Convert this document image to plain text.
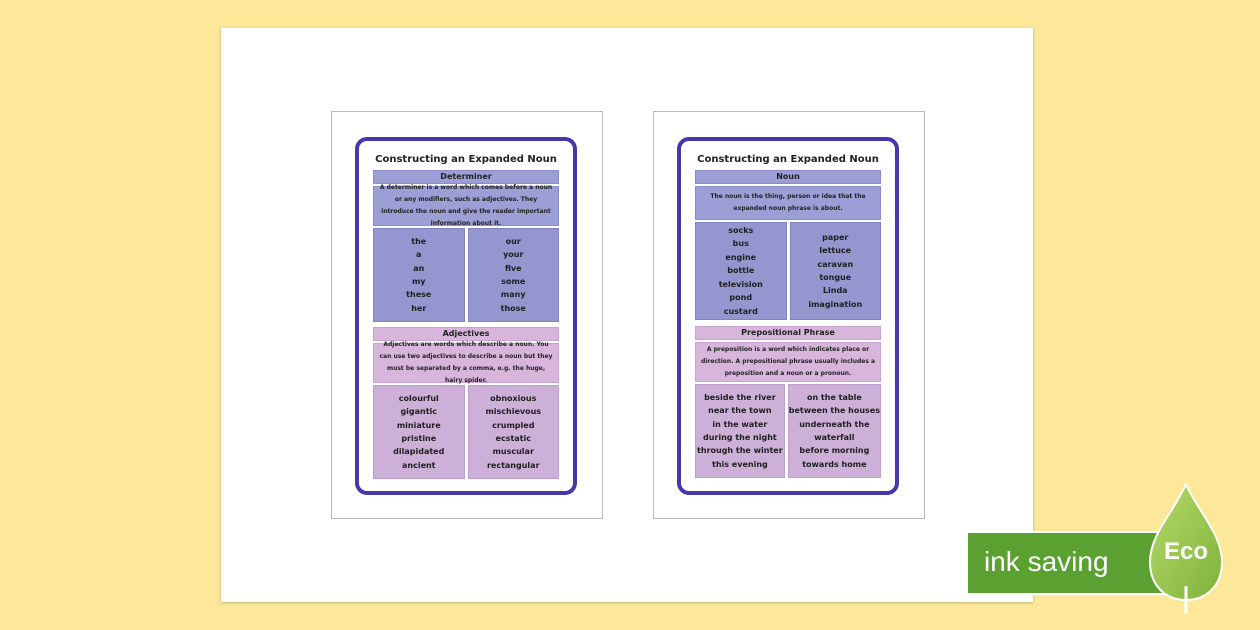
Constructing an Expanded Noun
Determiner
A determiner is a word which comes before a noun or any modifiers, such as adjectives. They introduce the noun and give the reader important information about it.
the
a
an
my
these
her
our
your
five
some
many
those
Adjectives
Adjectives are words which describe a noun. You can use two adjectives to describe a noun but they must be separated by a comma, e.g. the huge, hairy spider.
colourful
gigantic
miniature
pristine
dilapidated
ancient
obnoxious
mischievous
crumpled
ecstatic
muscular
rectangular
Constructing an Expanded Noun
Noun
The noun is the thing, person or idea that the expanded noun phrase is about.
socks
bus
engine
bottle
television
pond
custard
paper
lettuce
caravan
tongue
Linda
imagination
Prepositional Phrase
A preposition is a word which indicates place or direction. A prepositional phrase usually includes a preposition and a noun or a pronoun.
beside the river
near the town
in the water
during the night
through the winter
this evening
on the table
between the houses
underneath the
waterfall
before morning
towards home
ink saving	Eco
